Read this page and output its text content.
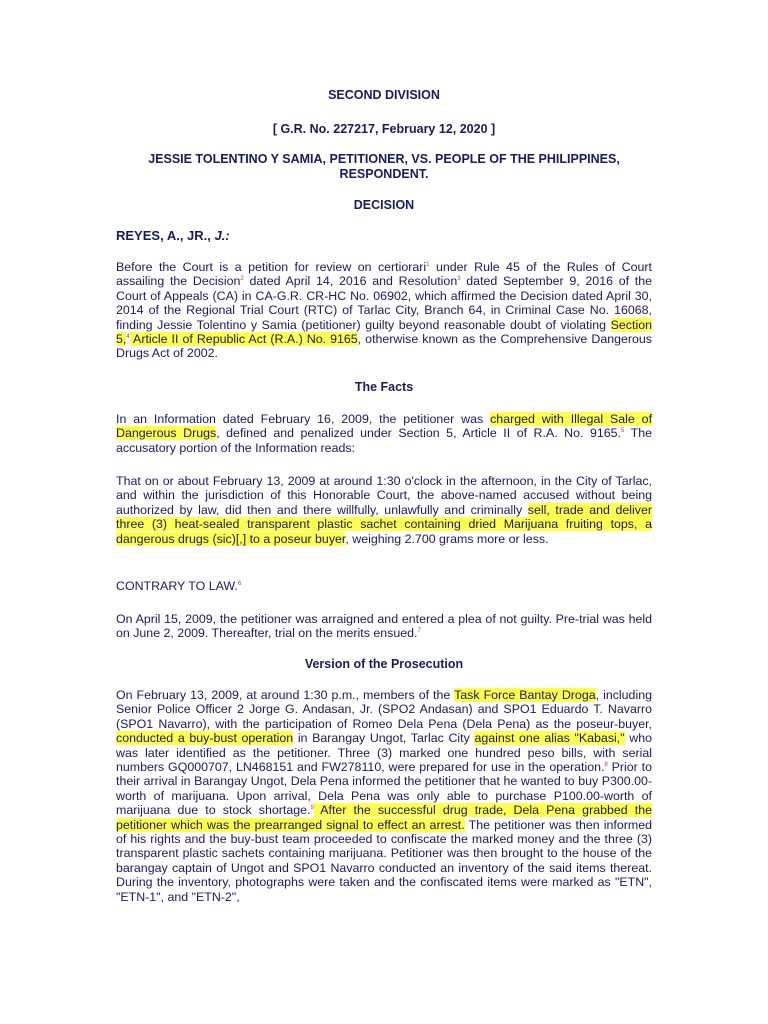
SECOND DIVISION
[ G.R. No. 227217, February 12, 2020 ]
JESSIE TOLENTINO Y SAMIA, PETITIONER, VS. PEOPLE OF THE PHILIPPINES,
RESPONDENT.
DECISION
REYES, A., JR., J.:
Before the Court is a petition for review on certiorari$^1$ under Rule 45 of the Rules of Court assailing the Decision$^2$ dated April 14, 2016 and Resolution$^3$ dated September 9, 2016 of the Court of Appeals (CA) in CA-G.R. CR-HC No. 06902, which affirmed the Decision dated April 30, 2014 of the Regional Trial Court (RTC) of Tarlac City, Branch 64, in Criminal Case No. 16068, finding Jessie Tolentino y Samia (petitioner) guilty beyond reasonable doubt of violating Section 5,$^4$ Article II of Republic Act (R.A.) No. 9165, otherwise known as the Comprehensive Dangerous Drugs Act of 2002.
The Facts
In an Information dated February 16, 2009, the petitioner was charged with Illegal Sale of Dangerous Drugs, defined and penalized under Section 5, Article II of R.A. No. 9165.$^5$ The accusatory portion of the Information reads:
That on or about February 13, 2009 at around 1:30 o'clock in the afternoon, in the City of Tarlac, and within the jurisdiction of this Honorable Court, the above-named accused without being authorized by law, did then and there willfully, unlawfully and criminally sell, trade and deliver three (3) heat-sealed transparent plastic sachet containing dried Marijuana fruiting tops, a dangerous drugs (sic)[,] to a poseur buyer, weighing 2.700 grams more or less.
CONTRARY TO LAW.$^6$
On April 15, 2009, the petitioner was arraigned and entered a plea of not guilty. Pre-trial was held on June 2, 2009. Thereafter, trial on the merits ensued.$^7$
Version of the Prosecution
On February 13, 2009, at around 1:30 p.m., members of the Task Force Bantay Droga, including Senior Police Officer 2 Jorge G. Andasan, Jr. (SPO2 Andasan) and SPO1 Eduardo T. Navarro (SPO1 Navarro), with the participation of Romeo Dela Pena (Dela Pena) as the poseur-buyer, conducted a buy-bust operation in Barangay Ungot, Tarlac City against one alias "Kabasi," who was later identified as the petitioner. Three (3) marked one hundred peso bills, with serial numbers GQ000707, LN468151 and FW278110, were prepared for use in the operation.$^8$ Prior to their arrival in Barangay Ungot, Dela Pena informed the petitioner that he wanted to buy P300.00-worth of marijuana. Upon arrival, Dela Pena was only able to purchase P100.00-worth of marijuana due to stock shortage.$^9$ After the successful drug trade, Dela Pena grabbed the petitioner which was the prearranged signal to effect an arrest. The petitioner was then informed of his rights and the buy-bust team proceeded to confiscate the marked money and the three (3) transparent plastic sachets containing marijuana. Petitioner was then brought to the house of the barangay captain of Ungot and SPO1 Navarro conducted an inventory of the said items thereat. During the inventory, photographs were taken and the confiscated items were marked as "ETN", "ETN-1", and "ETN-2",
